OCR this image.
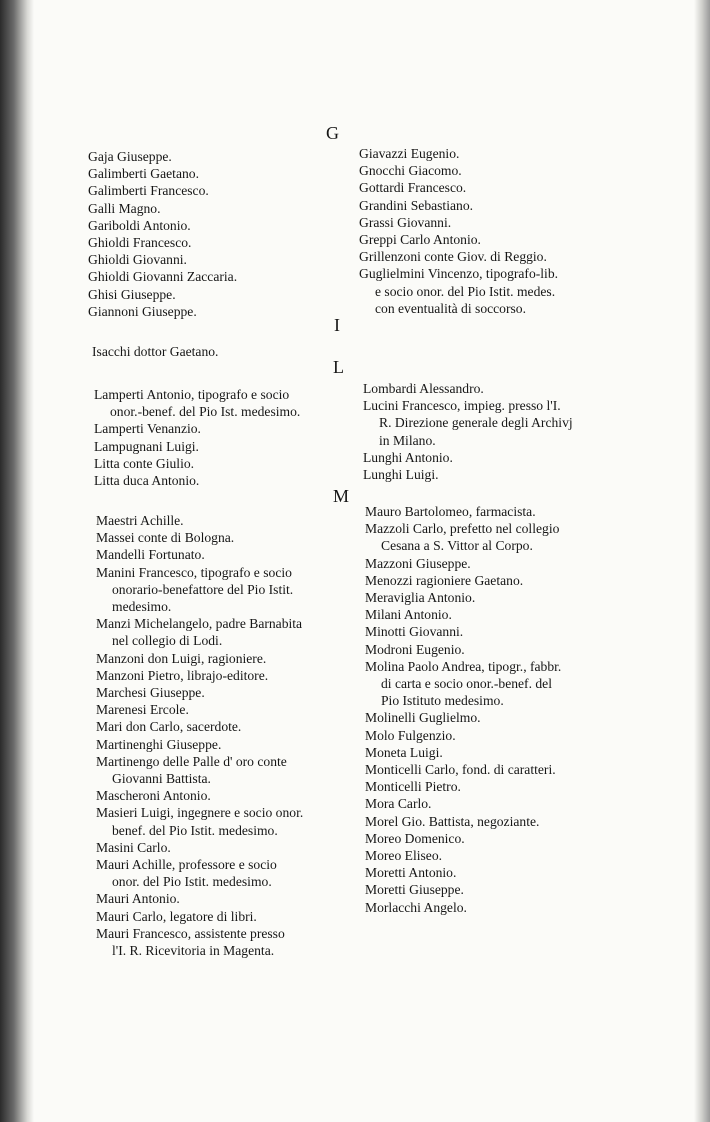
G
Gaja Giuseppe.
Galimberti Gaetano.
Galimberti Francesco.
Galli Magno.
Gariboldi Antonio.
Ghioldi Francesco.
Ghioldi Giovanni.
Ghioldi Giovanni Zaccaria.
Ghisi Giuseppe.
Giannoni Giuseppe.
Giavazzi Eugenio.
Gnocchi Giacomo.
Gottardi Francesco.
Grandini Sebastiano.
Grassi Giovanni.
Greppi Carlo Antonio.
Grillenzoni conte Giov. di Reggio.
Guglielmini Vincenzo, tipografo-lib.
e socio onor. del Pio Istit. medes.
con eventualità di soccorso.
I
Isacchi dottor Gaetano.
L
Lamperti Antonio, tipografo e socio
onor.-benef. del Pio Ist. medesimo.
Lamperti Venanzio.
Lampugnani Luigi.
Litta conte Giulio.
Litta duca Antonio.
Lombardi Alessandro.
Lucini Francesco, impieg. presso l'I.
R. Direzione generale degli Archivj
in Milano.
Lunghi Antonio.
Lunghi Luigi.
M
Maestri Achille.
Massei conte di Bologna.
Mandelli Fortunato.
Manini Francesco, tipografo e socio
onorario-benefattore del Pio Istit.
medesimo.
Manzi Michelangelo, padre Barnabita
nel collegio di Lodi.
Manzoni don Luigi, ragioniere.
Manzoni Pietro, librajo-editore.
Marchesi Giuseppe.
Marenesi Ercole.
Mari don Carlo, sacerdote.
Martinenghi Giuseppe.
Martinengo delle Palle d' oro conte
Giovanni Battista.
Mascheroni Antonio.
Masieri Luigi, ingegnere e socio onor.
benef. del Pio Istit. medesimo.
Masini Carlo.
Mauri Achille, professore e socio
onor. del Pio Istit. medesimo.
Mauri Antonio.
Mauri Carlo, legatore di libri.
Mauri Francesco, assistente presso
l'I. R. Ricevitoria in Magenta.
Mauro Bartolomeo, farmacista.
Mazzoli Carlo, prefetto nel collegio
Cesana a S. Vittor al Corpo.
Mazzoni Giuseppe.
Menozzi ragioniere Gaetano.
Meraviglia Antonio.
Milani Antonio.
Minotti Giovanni.
Modroni Eugenio.
Molina Paolo Andrea, tipogr., fabbr.
di carta e socio onor.-benef. del
Pio Istituto medesimo.
Molinelli Guglielmo.
Molo Fulgenzio.
Moneta Luigi.
Monticelli Carlo, fond. di caratteri.
Monticelli Pietro.
Mora Carlo.
Morel Gio. Battista, negoziante.
Moreo Domenico.
Moreo Eliseo.
Moretti Antonio.
Moretti Giuseppe.
Morlacchi Angelo.
